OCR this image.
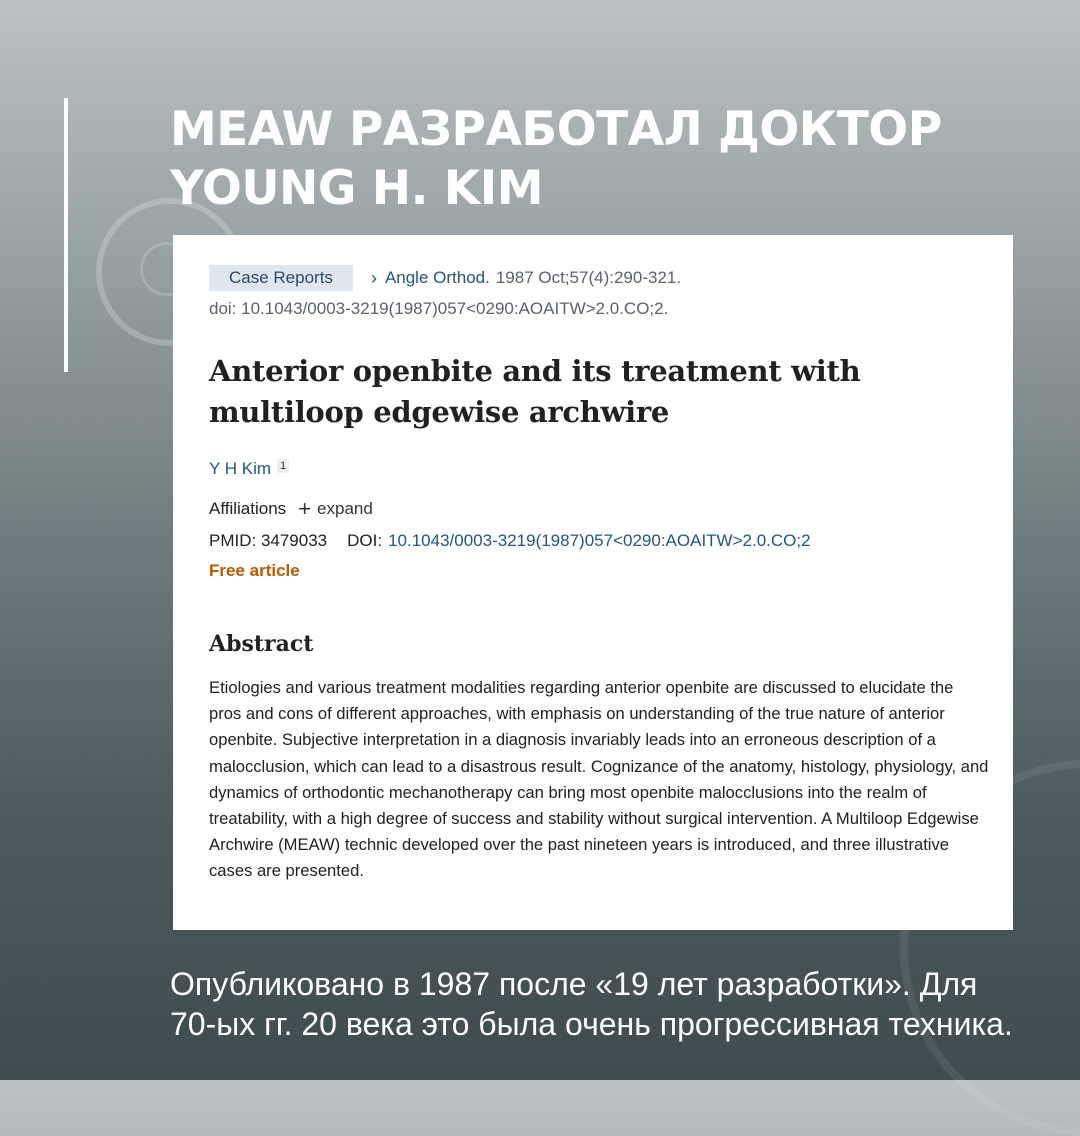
MEAW РАЗРАБОТАЛ ДОКТОР
YOUNG H. KIM
Case Reports	› Angle Orthod. 1987 Oct;57(4):290-321.
doi: 10.1043/0003-3219(1987)057<0290:AOAITW>2.0.CO;2.
Anterior openbite and its treatment with multiloop edgewise archwire
Y H Kim 1
Affiliations + expand
PMID: 3479033 DOI: 10.1043/0003-3219(1987)057<0290:AOAITW>2.0.CO;2
Free article
Abstract
Etiologies and various treatment modalities regarding anterior openbite are discussed to elucidate the pros and cons of different approaches, with emphasis on understanding of the true nature of anterior openbite. Subjective interpretation in a diagnosis invariably leads into an erroneous description of a malocclusion, which can lead to a disastrous result. Cognizance of the anatomy, histology, physiology, and dynamics of orthodontic mechanotherapy can bring most openbite malocclusions into the realm of treatability, with a high degree of success and stability without surgical intervention. A Multiloop Edgewise Archwire (MEAW) technic developed over the past nineteen years is introduced, and three illustrative cases are presented.

Опубликовано в 1987 после «19 лет разработки». Для
70-ых гг. 20 века это была очень прогрессивная техника.
